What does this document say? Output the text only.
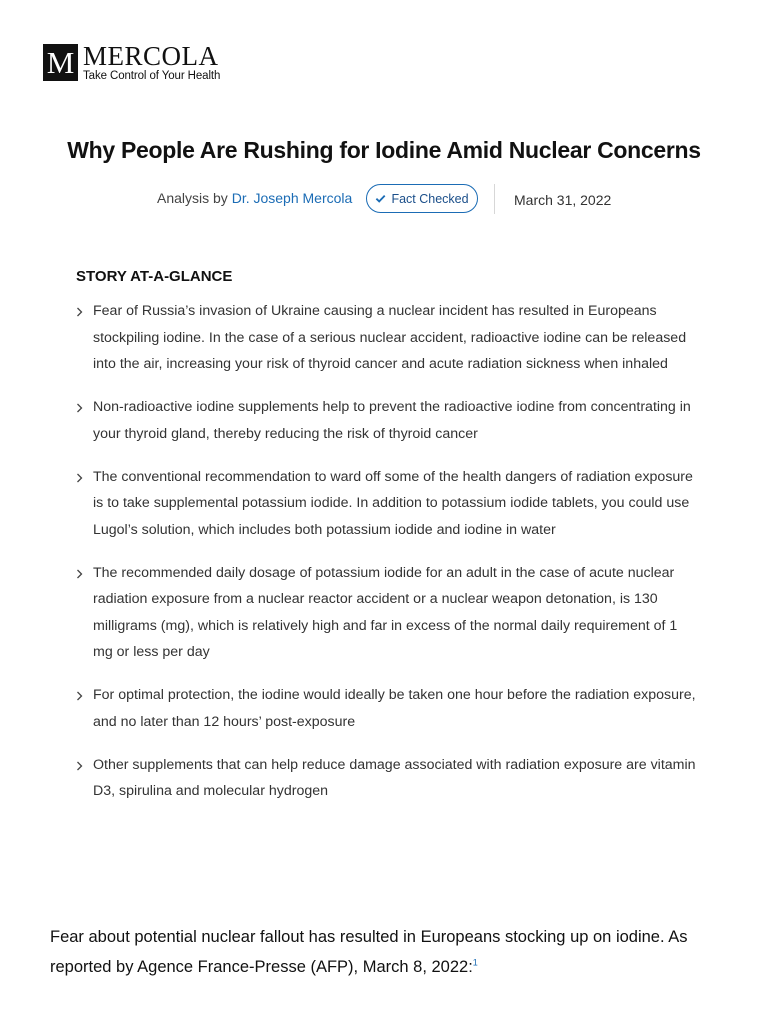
M MERCOLA
Take Control of Your Health
Why People Are Rushing for Iodine Amid Nuclear Concerns
Analysis by Dr. Joseph Mercola	Fact Checked	March 31, 2022
STORY AT-A-GLANCE
Fear of Russia’s invasion of Ukraine causing a nuclear incident has resulted in Europeans stockpiling iodine. In the case of a serious nuclear accident, radioactive iodine can be released into the air, increasing your risk of thyroid cancer and acute radiation sickness when inhaled
Non-radioactive iodine supplements help to prevent the radioactive iodine from concentrating in your thyroid gland, thereby reducing the risk of thyroid cancer
The conventional recommendation to ward off some of the health dangers of radiation exposure is to take supplemental potassium iodide. In addition to potassium iodide tablets, you could use Lugol’s solution, which includes both potassium iodide and iodine in water
The recommended daily dosage of potassium iodide for an adult in the case of acute nuclear radiation exposure from a nuclear reactor accident or a nuclear weapon detonation, is 130 milligrams (mg), which is relatively high and far in excess of the normal daily requirement of 1 mg or less per day
For optimal protection, the iodine would ideally be taken one hour before the radiation exposure, and no later than 12 hours’ post-exposure
Other supplements that can help reduce damage associated with radiation exposure are vitamin D3, spirulina and molecular hydrogen

Fear about potential nuclear fallout has resulted in Europeans stocking up on iodine. As reported by Agence France-Presse (AFP), March 8, 2022:$^1$
